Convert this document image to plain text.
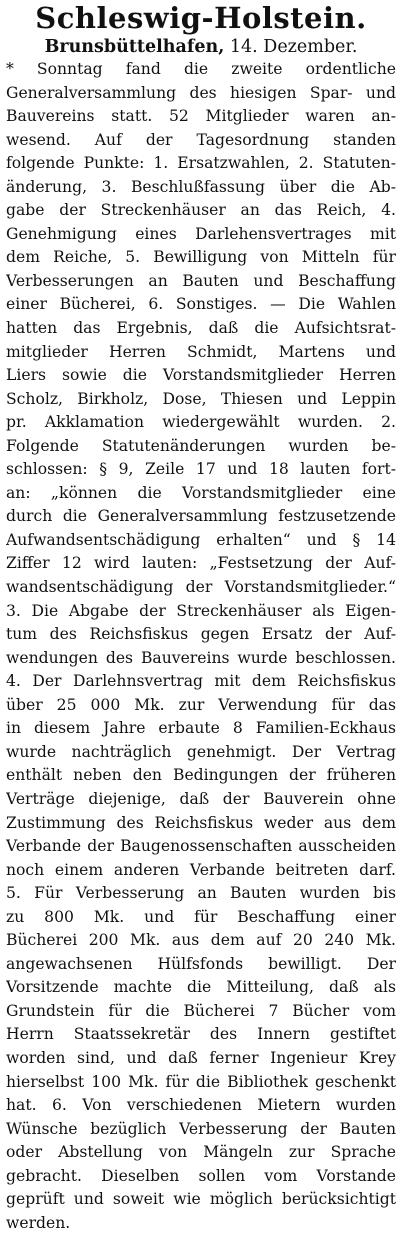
Schleswig-Holstein.
Brunsbüttelhafen, 14. Dezember.
* Sonntag fand die zweite ordentliche
Generalversammlung des hiesigen Spar- und
Bauvereins statt. 52 Mitglieder waren an-
wesend. Auf der Tagesordnung standen
folgende Punkte: 1. Ersatzwahlen, 2. Statuten-
änderung, 3. Beschlußfassung über die Ab-
gabe der Streckenhäuser an das Reich, 4.
Genehmigung eines Darlehensvertrages mit
dem Reiche, 5. Bewilligung von Mitteln für
Verbesserungen an Bauten und Beschaffung
einer Bücherei, 6. Sonstiges. — Die Wahlen
hatten das Ergebnis, daß die Aufsichtsrat-
mitglieder Herren Schmidt, Martens und
Liers sowie die Vorstandsmitglieder Herren
Scholz, Birkholz, Dose, Thiesen und Leppin
pr. Akklamation wiedergewählt wurden. 2.
Folgende Statutenänderungen wurden be-
schlossen: § 9, Zeile 17 und 18 lauten fort-
an: „können die Vorstandsmitglieder eine
durch die Generalversammlung festzusetzende
Aufwandsentschädigung erhalten“ und § 14
Ziffer 12 wird lauten: „Festsetzung der Auf-
wandsentschädigung der Vorstandsmitglieder.“
3. Die Abgabe der Streckenhäuser als Eigen-
tum des Reichsfiskus gegen Ersatz der Auf-
wendungen des Bauvereins wurde beschlossen.
4. Der Darlehnsvertrag mit dem Reichsfiskus
über 25 000 Mk. zur Verwendung für das
in diesem Jahre erbaute 8 Familien-Eckhaus
wurde nachträglich genehmigt. Der Vertrag
enthält neben den Bedingungen der früheren
Verträge diejenige, daß der Bauverein ohne
Zustimmung des Reichsfiskus weder aus dem
Verbande der Baugenossenschaften ausscheiden
noch einem anderen Verbande beitreten darf.
5. Für Verbesserung an Bauten wurden bis
zu 800 Mk. und für Beschaffung einer
Bücherei 200 Mk. aus dem auf 20 240 Mk.
angewachsenen Hülfsfonds bewilligt. Der
Vorsitzende machte die Mitteilung, daß als
Grundstein für die Bücherei 7 Bücher vom
Herrn Staatssekretär des Innern gestiftet
worden sind, und daß ferner Ingenieur Krey
hierselbst 100 Mk. für die Bibliothek geschenkt
hat. 6. Von verschiedenen Mietern wurden
Wünsche bezüglich Verbesserung der Bauten
oder Abstellung von Mängeln zur Sprache
gebracht. Dieselben sollen vom Vorstande
geprüft und soweit wie möglich berücksichtigt
werden.
